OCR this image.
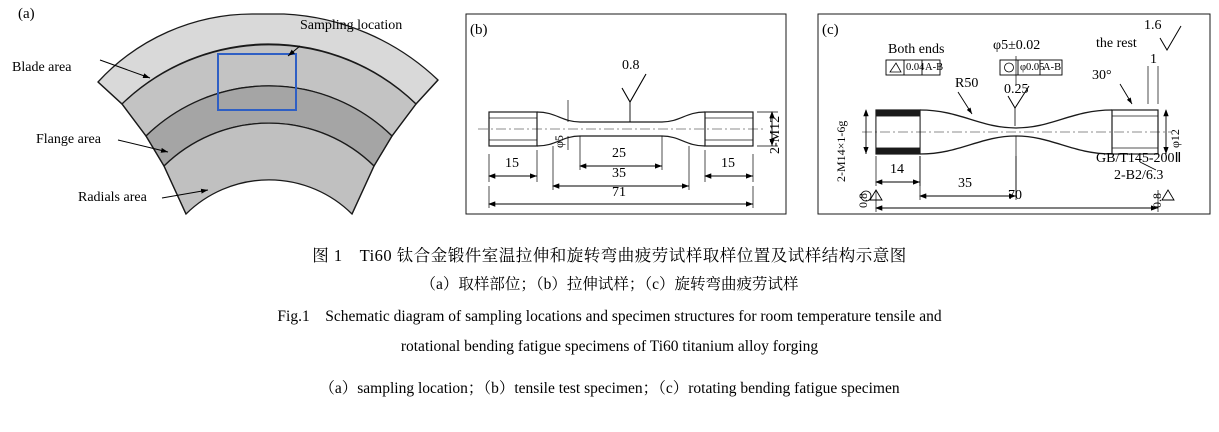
(a)
Sampling location
Blade area
Flange area
Radials area
(b)
0.8
φ5
15	15
25
35
71
2-M12
(c)
Both ends
0.04 A-B
φ5±0.02
φ0.05
A-B
1.6
the rest
1
30°
R50 0.25
2-M14×1-6g	φ12
GB/T145-200Ⅱ
2-B2/6.3
14
35
70
0.8	0.8
图 1　Ti60 钛合金锻件室温拉伸和旋转弯曲疲劳试样取样位置及试样结构示意图
（a）取样部位；（b）拉伸试样；（c）旋转弯曲疲劳试样
Fig.1 Schematic diagram of sampling locations and specimen structures for room temperature tensile and
rotational bending fatigue specimens of Ti60 titanium alloy forging
（a）sampling location；（b）tensile test specimen；（c）rotating bending fatigue specimen
